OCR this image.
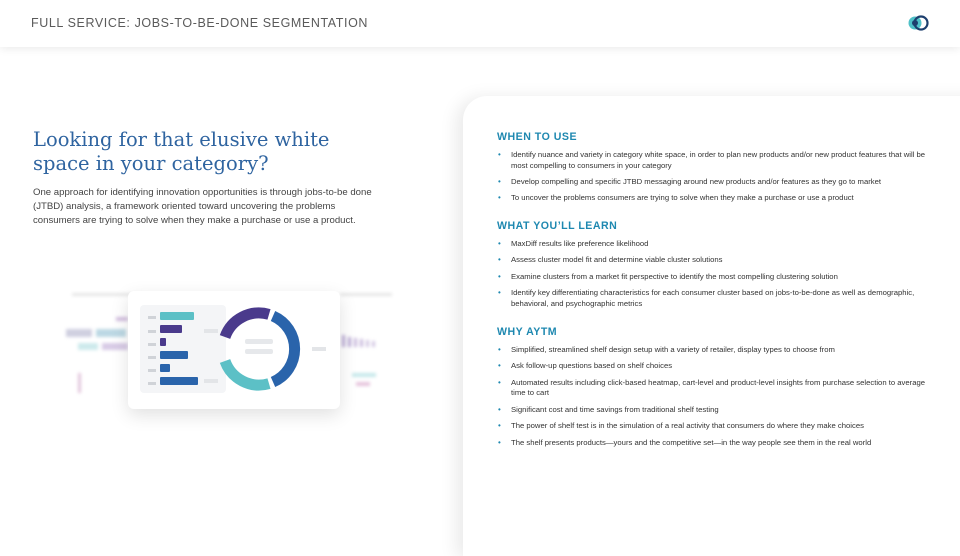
FULL SERVICE: JOBS-TO-BE-DONE SEGMENTATION
Looking for that elusive white space in your category?

One approach for identifying innovation opportunities is through jobs-to-be done (JTBD) analysis, a framework oriented toward uncovering the problems consumers are trying to solve when they make a purchase or use a product.

WHEN TO USE
• Identify nuance and variety in category white space, in order to plan new products and/or new product features that will be most compelling to consumers in your category
• Develop compelling and specific JTBD messaging around new products and/or features as they go to market
• To uncover the problems consumers are trying to solve when they make a purchase or use a product
WHAT YOU’LL LEARN
• MaxDiff results like preference likelihood
• Assess cluster model fit and determine viable cluster solutions
• Examine clusters from a market fit perspective to identify the most compelling clustering solution
• Identify key differentiating characteristics for each consumer cluster based on jobs-to-be-done as well as demographic, behavioral, and psychographic metrics
WHY AYTM
• Simplified, streamlined shelf design setup with a variety of retailer, display types to choose from
• Ask follow-up questions based on shelf choices
• Automated results including click-based heatmap, cart-level and product-level insights from purchase selection to average time to cart
• Significant cost and time savings from traditional shelf testing
• The power of shelf test is in the simulation of a real activity that consumers do where they make choices
• The shelf presents products—yours and the competitive set—in the way people see them in the real world
